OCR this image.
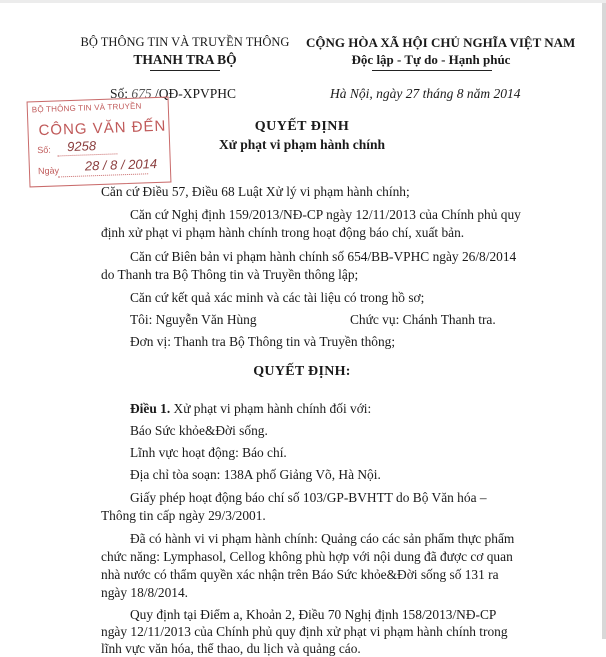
BỘ THÔNG TIN VÀ TRUYỀN THÔNG
THANH TRA BỘ
CỘNG HÒA XÃ HỘI CHỦ NGHĨA VIỆT NAM
Độc lập - Tự do - Hạnh phúc
Số: 675 /QĐ-XPVPHC	Hà Nội, ngày 27 tháng 8 năm 2014
BỘ THÔNG TIN VÀ TRUYỀN
CÔNG VĂN ĐẾN
Số: 9258
Ngày 28 / 8 / 2014
QUYẾT ĐỊNH
Xử phạt vi phạm hành chính
Căn cứ Điều 57, Điều 68 Luật Xử lý vi phạm hành chính;
Căn cứ Nghị định 159/2013/NĐ-CP ngày 12/11/2013 của Chính phủ quy
định xử phạt vi phạm hành chính trong hoạt động báo chí, xuất bản.
Căn cứ Biên bản vi phạm hành chính số 654/BB-VPHC ngày 26/8/2014
do Thanh tra Bộ Thông tin và Truyền thông lập;
Căn cứ kết quả xác minh và các tài liệu có trong hồ sơ;
Tôi: Nguyễn Văn Hùng	Chức vụ: Chánh Thanh tra.
Đơn vị: Thanh tra Bộ Thông tin và Truyền thông;
QUYẾT ĐỊNH:
Điều 1. Xử phạt vi phạm hành chính đối với:
Báo Sức khỏe&Đời sống.
Lĩnh vực hoạt động: Báo chí.
Địa chỉ tòa soạn: 138A phố Giảng Võ, Hà Nội.
Giấy phép hoạt động báo chí số 103/GP-BVHTT do Bộ Văn hóa –
Thông tin cấp ngày 29/3/2001.
Đã có hành vi vi phạm hành chính: Quảng cáo các sản phẩm thực phẩm
chức năng: Lymphasol, Cellog không phù hợp với nội dung đã được cơ quan
nhà nước có thẩm quyền xác nhận trên Báo Sức khỏe&Đời sống số 131 ra
ngày 18/8/2014.
Quy định tại Điểm a, Khoản 2, Điều 70 Nghị định 158/2013/NĐ-CP
ngày 12/11/2013 của Chính phủ quy định xử phạt vi phạm hành chính trong
lĩnh vực văn hóa, thể thao, du lịch và quảng cáo.
